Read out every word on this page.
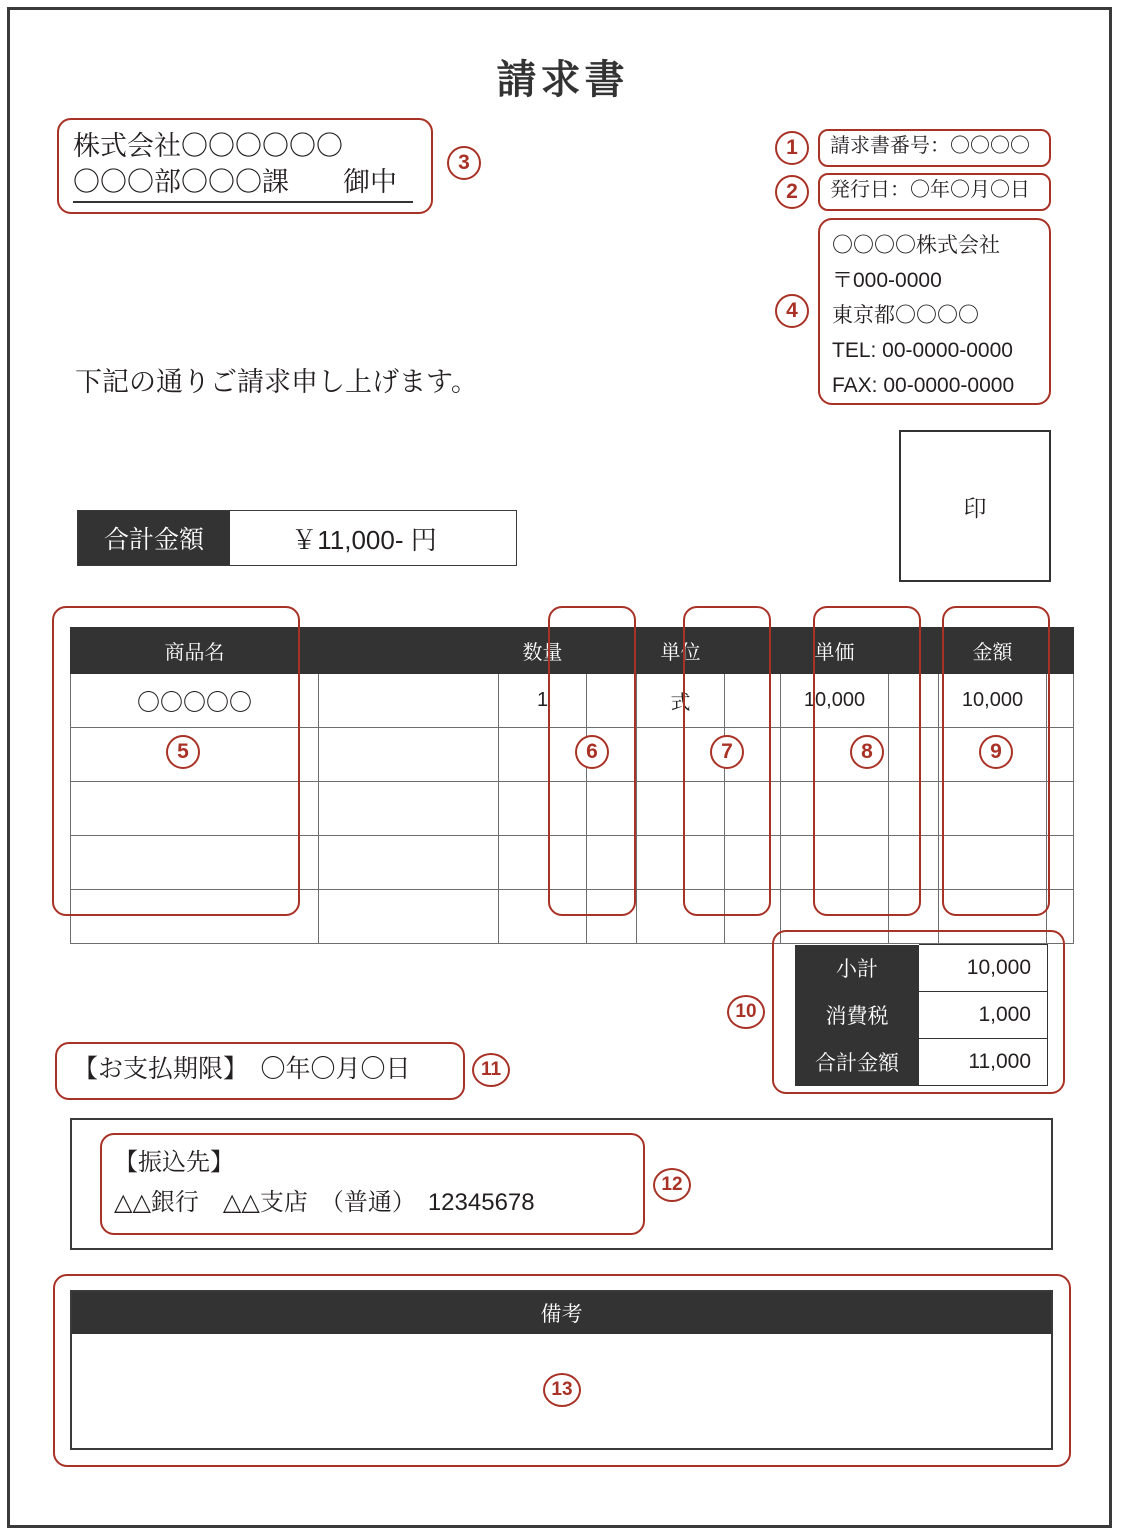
請求書
株式会社〇〇〇〇〇〇
〇〇〇部〇〇〇課　　御中
3
請求書番号：〇〇〇〇
1
発行日：〇年〇月〇日
2
〇〇〇〇株式会社
〒000-0000
東京都〇〇〇〇
TEL: 00-0000-0000
FAX: 00-0000-0000
4
下記の通りご請求申し上げます。
印
合計金額	￥11,000- 円
商品名		数量		単位		単価		金額	
〇〇〇〇〇		1		式		10,000		10,000	

5	6	7	8	9
小計	10,000
消費税	1,000
合計金額	11,000
10
【お支払期限】　〇年〇月〇日	11
【振込先】
△△銀行　△△支店　（普通）　12345678
12
備考
13
